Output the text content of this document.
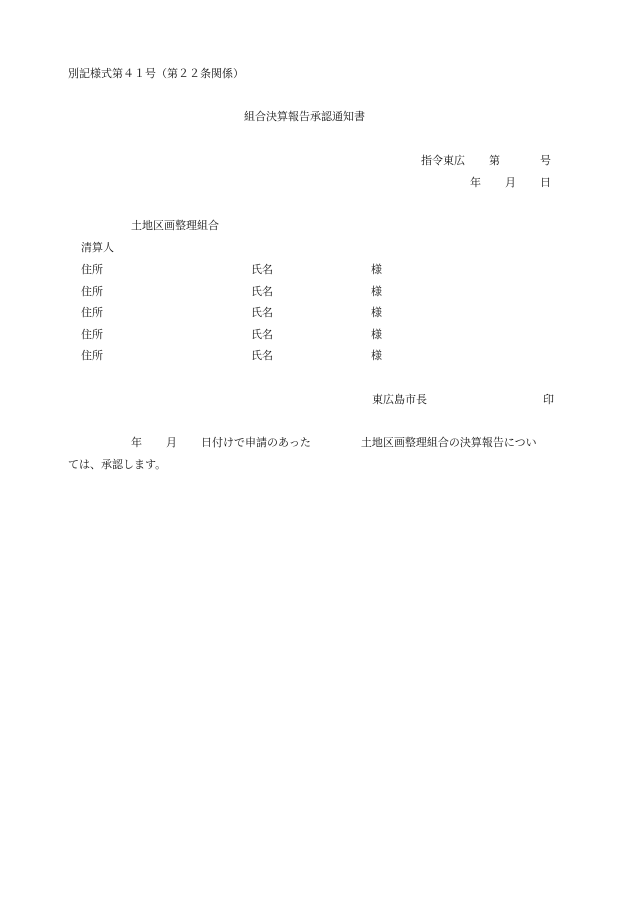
別記様式第４１号（第２２条関係）
組合決算報告承認通知書
指令東広 第	号
年 月 日
土地区画整理組合
清算人
住所	氏名	様
住所	氏名	様
住所	氏名	様
住所	氏名	様
住所	氏名	様
東広島市長	印
年 月 日付けで申請のあった	土地区画整理組合の決算報告につい
ては、承認します。
